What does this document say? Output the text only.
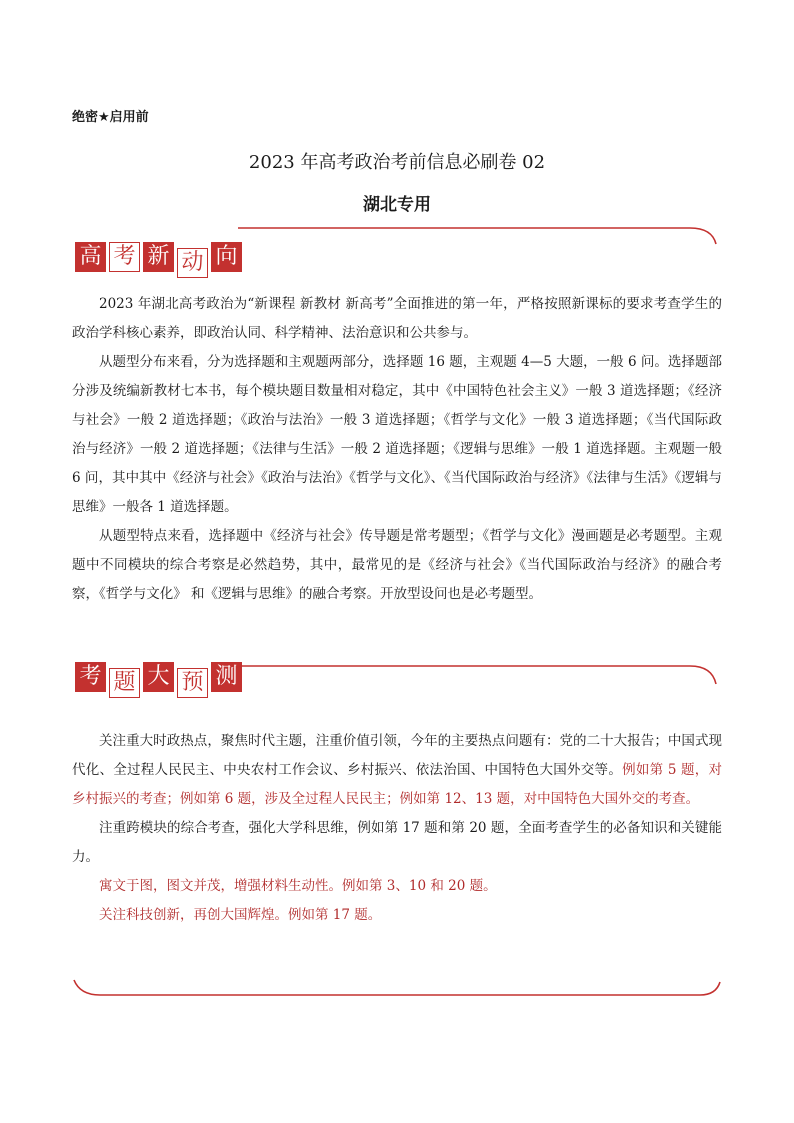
绝密★启用前
2023 年高考政治考前信息必刷卷 02
湖北专用
高 考 新 动 向

2023 年湖北高考政治为“新课程 新教材 新高考”全面推进的第一年，严格按照新课标的要求考查学生的政治学科核心素养，即政治认同、科学精神、法治意识和公共参与。

从题型分布来看，分为选择题和主观题两部分，选择题 16 题，主观题 4—5 大题，一般 6 问。选择题部分涉及统编新教材七本书，每个模块题目数量相对稳定，其中《中国特色社会主义》一般 3 道选择题；《经济与社会》一般 2 道选择题；《政治与法治》一般 3 道选择题；《哲学与文化》一般 3 道选择题；《当代国际政治与经济》一般 2 道选择题；《法律与生活》一般 2 道选择题；《逻辑与思维》一般 1 道选择题。主观题一般 6 问，其中其中《经济与社会》《政治与法治》《哲学与文化》、《当代国际政治与经济》《法律与生活》《逻辑与思维》一般各 1 道选择题。

从题型特点来看，选择题中《经济与社会》传导题是常考题型；《哲学与文化》漫画题是必考题型。主观题中不同模块的综合考察是必然趋势，其中，最常见的是《经济与社会》《当代国际政治与经济》的融合考察，《哲学与文化》 和《逻辑与思维》的融合考察。开放型设问也是必考题型。

考 题 大 预 测

关注重大时政热点，聚焦时代主题，注重价值引领，今年的主要热点问题有：党的二十大报告；中国式现代化、全过程人民民主、中央农村工作会议、乡村振兴、依法治国、中国特色大国外交等。例如第 5 题，对乡村振兴的考查；例如第 6 题，涉及全过程人民民主；例如第 12、13 题，对中国特色大国外交的考查。

注重跨模块的综合考查，强化大学科思维，例如第 17 题和第 20 题，全面考查学生的必备知识和关键能力。

寓文于图，图文并茂，增强材料生动性。例如第 3、10 和 20 题。

关注科技创新，再创大国辉煌。例如第 17 题。
